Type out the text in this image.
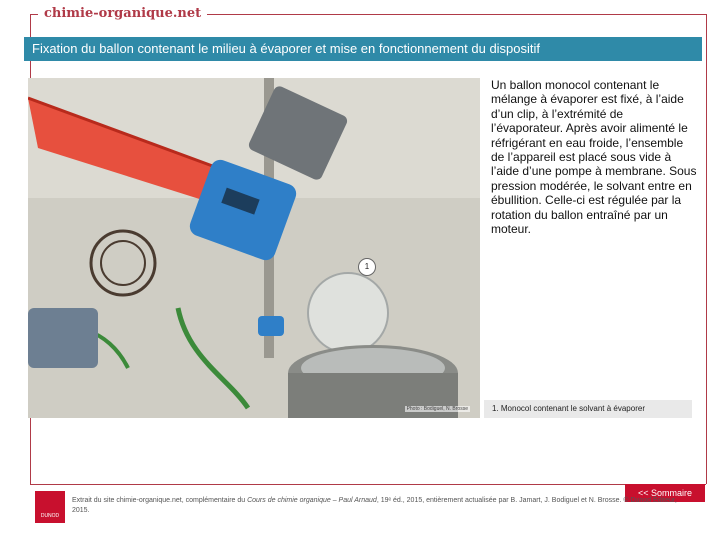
chimie-organique.net
Fixation du ballon contenant le milieu à évaporer et mise en fonctionnement du dispositif
Photo : Bodiguel, N. Brosse
1
Un ballon monocol contenant le mélange à évaporer est fixé, à l’aide d’un clip, à l’extrémité de l’évaporateur. Après avoir alimenté le réfrigérant en eau froide, l’ensemble de l’appareil est placé sous vide à l’aide d’une pompe à membrane. Sous pression modérée, le solvant entre en ébullition. Celle-ci est régulée par la rotation du ballon entraîné par un moteur.
1. Monocol contenant le solvant à évaporer
<< Sommaire
DUNOD
Extrait du site chimie-organique.net, complémentaire du Cours de chimie organique – Paul Arnaud, 19ᵉ éd., 2015, entièrement actualisée par B. Jamart, J. Bodiguel et N. Brosse. © Dunod Éditeur, 2015.
